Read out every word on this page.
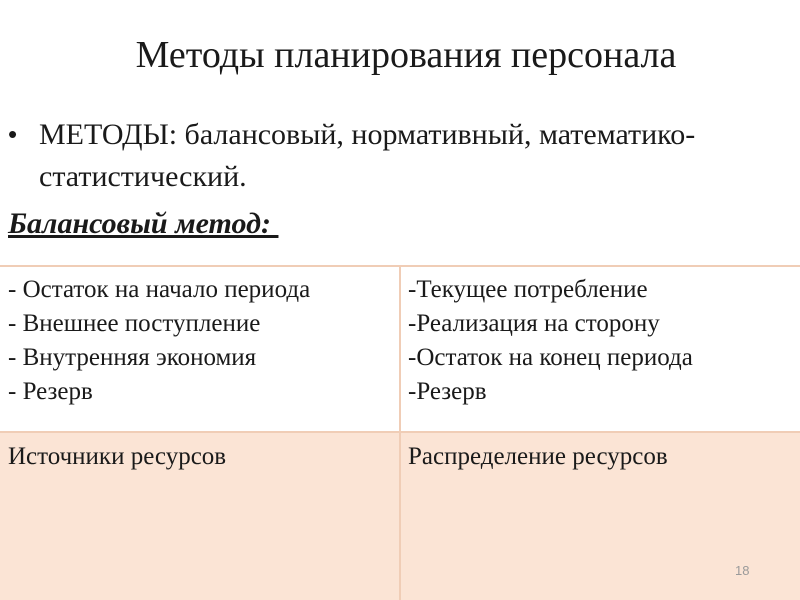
Методы планирования персонала
• МЕТОДЫ: балансовый, нормативный, математико-статистический.
Балансовый метод:
- Остаток на начало периода
- Внешнее поступление
- Внутренняя экономия
- Резерв
-Текущее потребление
-Реализация на сторону
-Остаток на конец периода
-Резерв
Источники ресурсов	Распределение ресурсов
18
